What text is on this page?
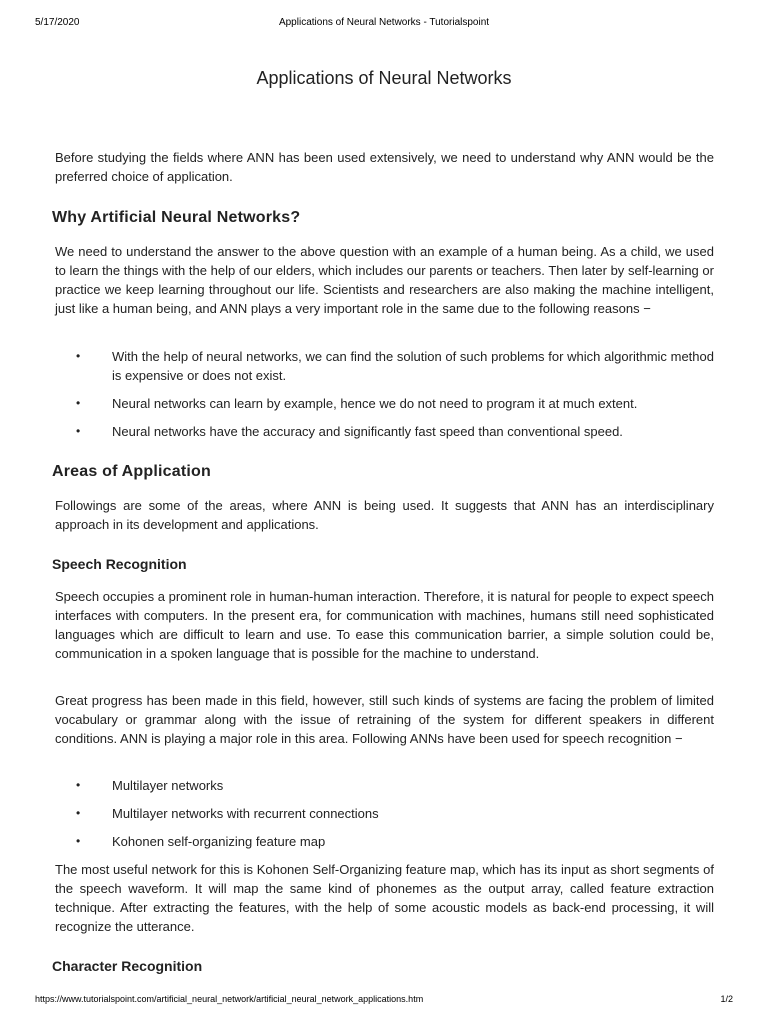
5/17/2020	Applications of Neural Networks - Tutorialspoint
Applications of Neural Networks

Before studying the fields where ANN has been used extensively, we need to understand why ANN would be the preferred choice of application.

Why Artificial Neural Networks?

We need to understand the answer to the above question with an example of a human being. As a child, we used to learn the things with the help of our elders, which includes our parents or teachers. Then later by self-learning or practice we keep learning throughout our life. Scientists and researchers are also making the machine intelligent, just like a human being, and ANN plays a very important role in the same due to the following reasons −

• With the help of neural networks, we can find the solution of such problems for which algorithmic method is expensive or does not exist.
• Neural networks can learn by example, hence we do not need to program it at much extent.
• Neural networks have the accuracy and significantly fast speed than conventional speed.
Areas of Application

Followings are some of the areas, where ANN is being used. It suggests that ANN has an interdisciplinary approach in its development and applications.

Speech Recognition

Speech occupies a prominent role in human-human interaction. Therefore, it is natural for people to expect speech interfaces with computers. In the present era, for communication with machines, humans still need sophisticated languages which are difficult to learn and use. To ease this communication barrier, a simple solution could be, communication in a spoken language that is possible for the machine to understand.

Great progress has been made in this field, however, still such kinds of systems are facing the problem of limited vocabulary or grammar along with the issue of retraining of the system for different speakers in different conditions. ANN is playing a major role in this area. Following ANNs have been used for speech recognition −

• Multilayer networks
• Multilayer networks with recurrent connections
• Kohonen self-organizing feature map

The most useful network for this is Kohonen Self-Organizing feature map, which has its input as short segments of the speech waveform. It will map the same kind of phonemes as the output array, called feature extraction technique. After extracting the features, with the help of some acoustic models as back-end processing, it will recognize the utterance.

Character Recognition
https://www.tutorialspoint.com/artificial_neural_network/artificial_neural_network_applications.htm	1/2
